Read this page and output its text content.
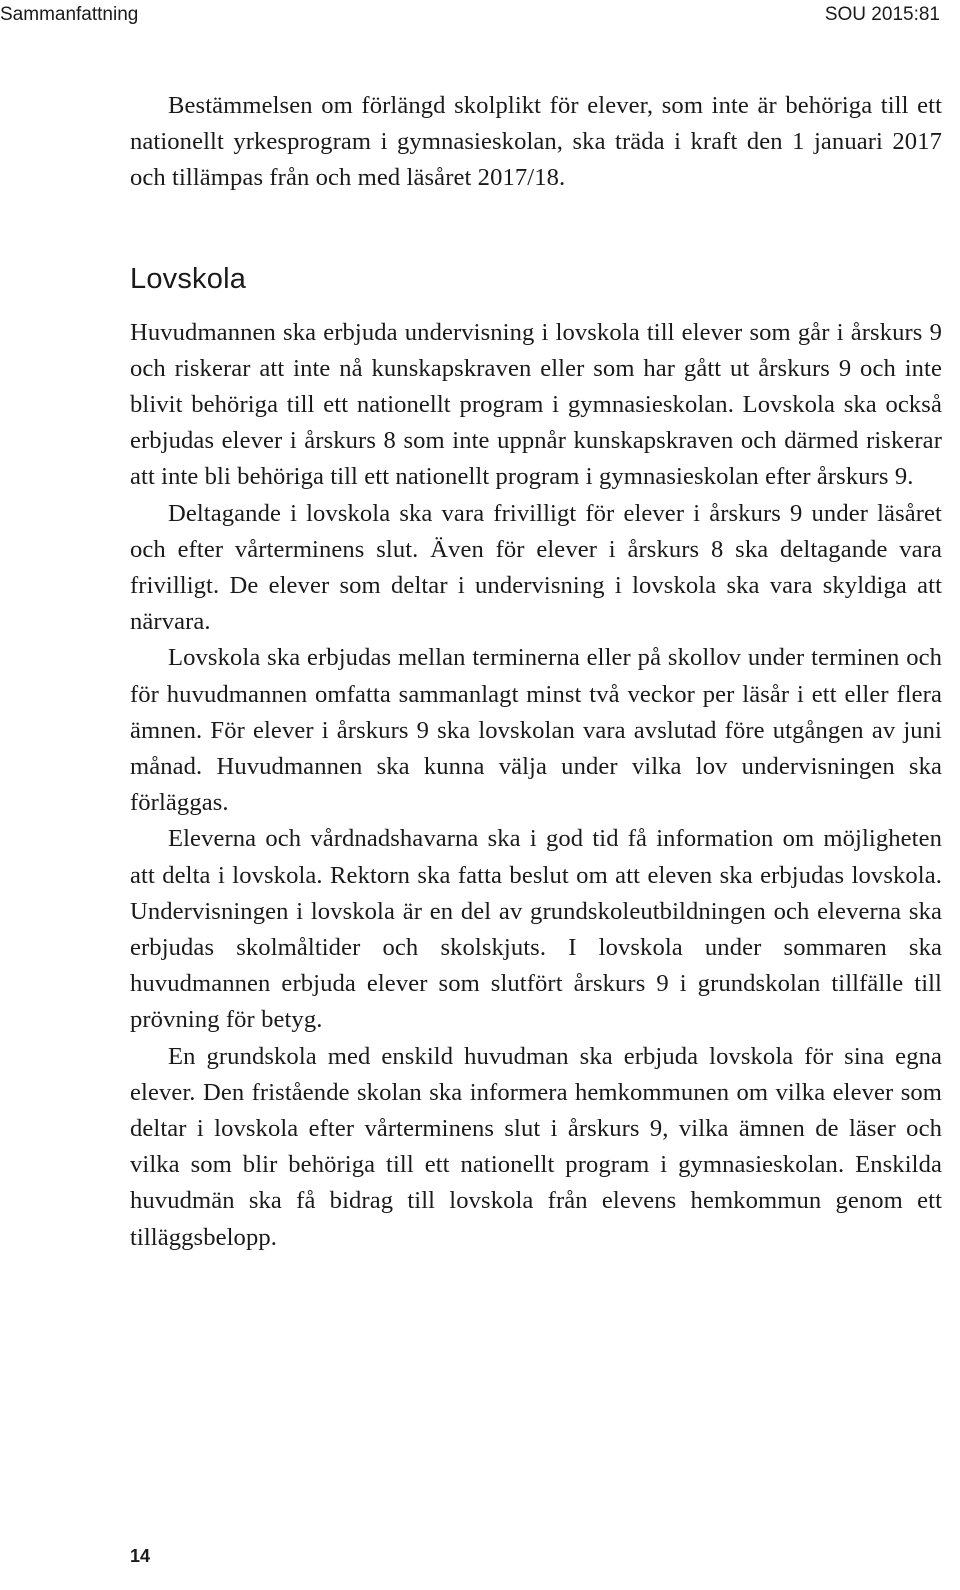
Sammanfattning	SOU 2015:81

Bestämmelsen om förlängd skolplikt för elever, som inte är behöriga till ett nationellt yrkesprogram i gymnasieskolan, ska träda i kraft den 1 januari 2017 och tillämpas från och med läsåret 2017/18.

Lovskola

Huvudmannen ska erbjuda undervisning i lovskola till elever som går i årskurs 9 och riskerar att inte nå kunskapskraven eller som har gått ut årskurs 9 och inte blivit behöriga till ett nationellt program i gymnasieskolan. Lovskola ska också erbjudas elever i årskurs 8 som inte uppnår kunskapskraven och därmed riskerar att inte bli behöriga till ett nationellt program i gymnasieskolan efter årskurs 9.

Deltagande i lovskola ska vara frivilligt för elever i årskurs 9 under läsåret och efter vårterminens slut. Även för elever i årskurs 8 ska deltagande vara frivilligt. De elever som deltar i undervisning i lovskola ska vara skyldiga att närvara.

Lovskola ska erbjudas mellan terminerna eller på skollov under terminen och för huvudmannen omfatta sammanlagt minst två veckor per läsår i ett eller flera ämnen. För elever i årskurs 9 ska lovskolan vara avslutad före utgången av juni månad. Huvudmannen ska kunna välja under vilka lov undervisningen ska förläggas.

Eleverna och vårdnadshavarna ska i god tid få information om möjligheten att delta i lovskola. Rektorn ska fatta beslut om att eleven ska erbjudas lovskola. Undervisningen i lovskola är en del av grundskoleutbildningen och eleverna ska erbjudas skolmåltider och skolskjuts. I lovskola under sommaren ska huvudmannen erbjuda elever som slutfört årskurs 9 i grundskolan tillfälle till prövning för betyg.

En grundskola med enskild huvudman ska erbjuda lovskola för sina egna elever. Den fristående skolan ska informera hemkommunen om vilka elever som deltar i lovskola efter vårterminens slut i årskurs 9, vilka ämnen de läser och vilka som blir behöriga till ett nationellt program i gymnasieskolan. Enskilda huvudmän ska få bidrag till lovskola från elevens hemkommun genom ett tilläggsbelopp.

14
